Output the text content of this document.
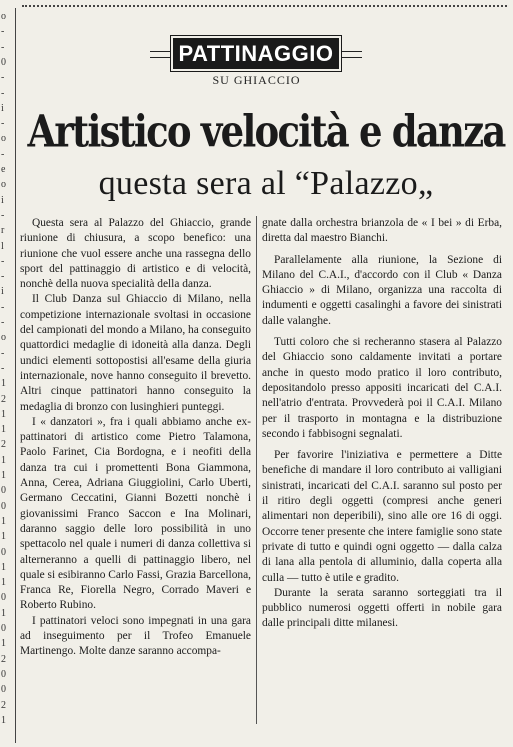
o
-
-
0
-
-
i
-
o
-
e
o
i
-
r
l
-
-
i
-
-
o
-
-
1
2
1
1
2
1
1
0
0
1
1
0
1
1
0
1
0
1
2
0
0
2
1
PATTINAGGIO
SU GHIACCIO
Artistico velocità e danza
questa sera al “Palazzo„

Questa sera al Palazzo del Ghiaccio, grande riunione di chiusura, a scopo benefico: una riunione che vuol essere anche una rassegna dello sport del pattinaggio di artistico e di velocità, nonchè della nuova specialità della danza.

Il Club Danza sul Ghiaccio di Milano, nella competizione internazionale svoltasi in occasione del campionati del mondo a Milano, ha conseguito quattordici medaglie di idoneità alla danza. Degli undici elementi sottopostisi all'esame della giuria internazionale, nove hanno conseguito il brevetto. Altri cinque pattinatori hanno conseguito la medaglia di bronzo con lusinghieri punteggi.

I « danzatori », fra i quali abbiamo anche ex-pattinatori di artistico come Pietro Talamona, Paolo Farinet, Cia Bordogna, e i neofiti della danza tra cui i promettenti Bona Giammona, Anna, Cerea, Adriana Giuggiolini, Carlo Uberti, Germano Ceccatini, Gianni Bozetti nonchè i giovanissimi Franco Saccon e Ina Molinari, daranno saggio delle loro possibilità in uno spettacolo nel quale i numeri di danza collettiva si alterneranno a quelli di pattinaggio libero, nel quale si esibiranno Carlo Fassi, Grazia Barcellona, Franca Re, Fiorella Negro, Corrado Maveri e Roberto Rubino.

I pattinatori veloci sono impegnati in una gara ad inseguimento per il Trofeo Emanuele Martinengo. Molte danze saranno accompa-

gnate dalla orchestra brianzola de « I bei » di Erba, diretta dal maestro Bianchi.

Parallelamente alla riunione, la Sezione di Milano del C.A.I., d'accordo con il Club « Danza Ghiaccio » di Milano, organizza una raccolta di indumenti e oggetti casalinghi a favore dei sinistrati dalle valanghe.

Tutti coloro che si recheranno stasera al Palazzo del Ghiaccio sono caldamente invitati a portare anche in questo modo pratico il loro contributo, depositandolo presso appositi incaricati del C.A.I. nell'atrio d'entrata. Provvederà poi il C.A.I. Milano per il trasporto in montagna e la distribuzione secondo i fabbisogni segnalati.

Per favorire l'iniziativa e permettere a Ditte benefiche di mandare il loro contributo ai valligiani sinistrati, incaricati del C.A.I. saranno sul posto per il ritiro degli oggetti (compresi anche generi alimentari non deperibili), sino alle ore 16 di oggi. Occorre tener presente che intere famiglie sono state private di tutto e quindi ogni oggetto — dalla calza di lana alla pentola di alluminio, dalla coperta alla culla — tutto è utile e gradito.

Durante la serata saranno sorteggiati tra il pubblico numerosi oggetti offerti in nobile gara dalle principali ditte milanesi.
